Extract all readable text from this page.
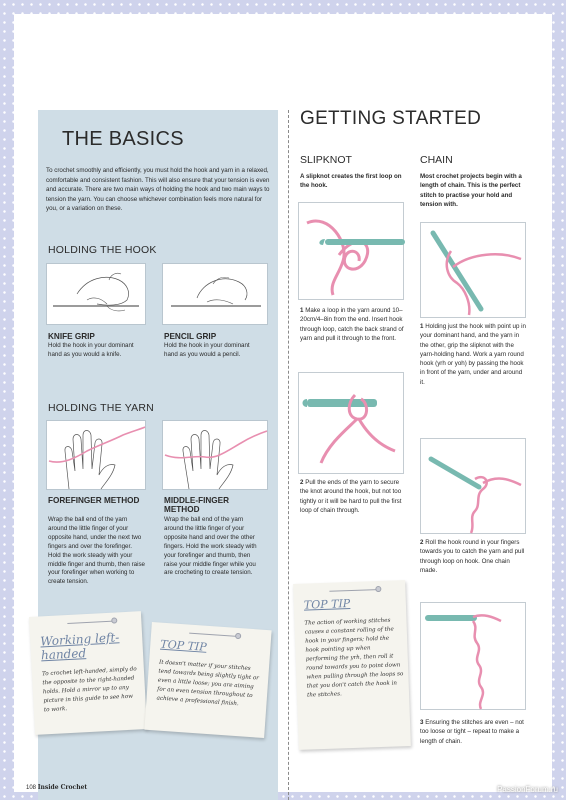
THE BASICS

To crochet smoothly and efficiently, you must hold the hook and yarn in a relaxed, comfortable and consistent fashion. This will also ensure that your tension is even and accurate. There are two main ways of holding the hook and two main ways to tension the yarn. You can choose whichever combination feels more natural for you, or a variation on these.

HOLDING THE HOOK
KNIFE GRIP
Hold the hook in your dominant hand as you would a knife.
PENCIL GRIP
Hold the hook in your dominant hand as you would a pencil.
HOLDING THE YARN
FOREFINGER METHOD
Wrap the ball end of the yarn around the little finger of your opposite hand, under the next two fingers and over the forefinger. Hold the work steady with your middle finger and thumb, then raise your forefinger when working to create tension.
MIDDLE-FINGER METHOD
Wrap the ball end of the yarn around the little finger of your opposite hand and over the other fingers. Hold the work steady with your forefinger and thumb, then raise your middle finger while you are crocheting to create tension.
Working left-handed
To crochet left-handed, simply do the opposite to the right-handed holds. Hold a mirror up to any picture in this guide to see how to work.
TOP TIP
It doesn't matter if your stitches tend towards being slightly tight or even a little loose; you are aiming for an even tension throughout to achieve a professional finish.
GETTING STARTED
SLIPKNOT
A slipknot creates the first loop on the hook.
1 Make a loop in the yarn around 10–20cm/4–8in from the end. Insert hook through loop, catch the back strand of yarn and pull it through to the front.
2 Pull the ends of the yarn to secure the knot around the hook, but not too tightly or it will be hard to pull the first loop of chain through.
TOP TIP
The action of working stitches causes a constant rolling of the hook in your fingers; hold the hook pointing up when performing the yrh, then roll it round towards you to point down when pulling through the loops so that you don't catch the hook in the stitches.
CHAIN
Most crochet projects begin with a length of chain. This is the perfect stitch to practise your hold and tension with.
1 Holding just the hook with point up in your dominant hand, and the yarn in the other, grip the slipknot with the yarn-holding hand. Work a yarn round hook (yrh or yoh) by passing the hook in front of the yarn, under and around it.
2 Roll the hook round in your fingers towards you to catch the yarn and pull through loop on hook. One chain made.
3 Ensuring the stitches are even – not too loose or tight – repeat to make a length of chain.
108 Inside Crochet	PassionForum.ru
